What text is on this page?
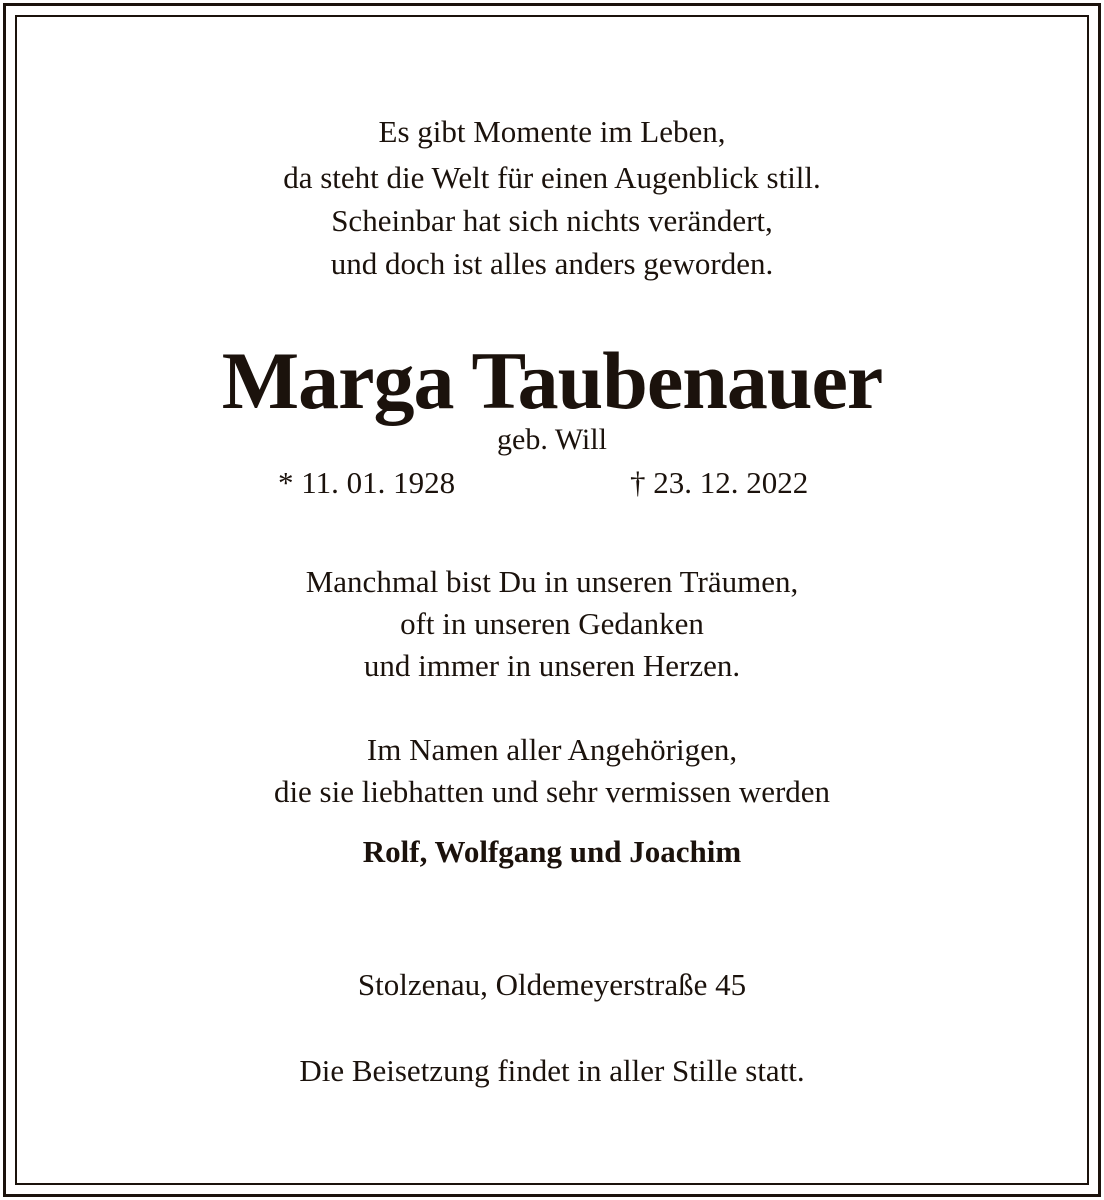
Es gibt Momente im Leben,
da steht die Welt für einen Augenblick still.
Scheinbar hat sich nichts verändert,
und doch ist alles anders geworden.
Marga Taubenauer
geb. Will
* 11. 01. 1928	† 23. 12. 2022
Manchmal bist Du in unseren Träumen,
oft in unseren Gedanken
und immer in unseren Herzen.
Im Namen aller Angehörigen,
die sie liebhatten und sehr vermissen werden
Rolf, Wolfgang und Joachim
Stolzenau, Oldemeyerstraße 45
Die Beisetzung findet in aller Stille statt.
